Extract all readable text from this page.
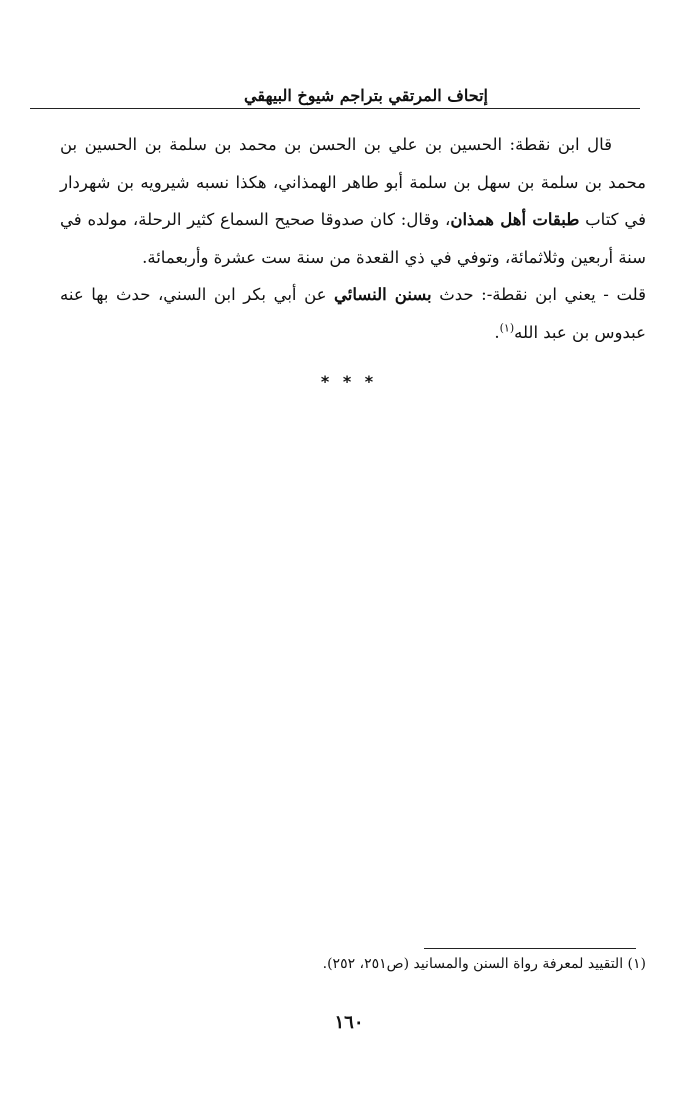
إتحاف المرتقي بتراجم شيوخ البيهقي

قال ابن نقطة: الحسين بن علي بن الحسن بن محمد بن سلمة بن الحسين بن محمد بن سلمة بن سهل بن سلمة أبو طاهر الهمذاني، هكذا نسبه شيرويه بن شهردار في كتاب طبقات أهل همذان، وقال: كان صدوقا صحيح السماع كثير الرحلة، مولده في سنة أربعين وثلاثمائة، وتوفي في ذي القعدة من سنة ست عشرة وأربعمائة.

قلت - يعني ابن نقطة-: حدث بسنن النسائي عن أبي بكر ابن السني، حدث بها عنه عبدوس بن عبد الله$^{(١)}$.

* * *
(١) التقييد لمعرفة رواة السنن والمسانيد (ص٢٥١، ٢٥٢).
١٦٠
